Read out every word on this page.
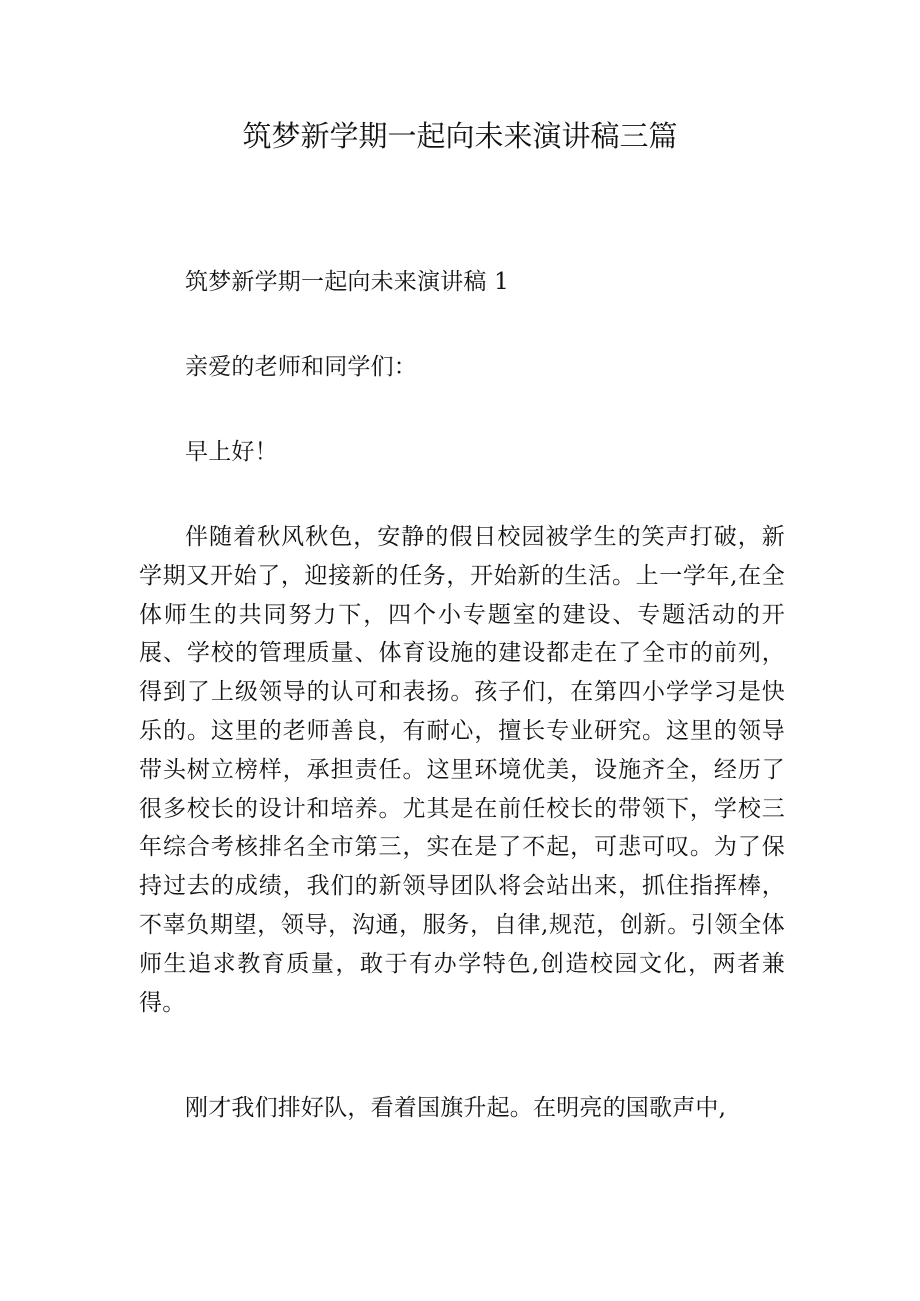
筑梦新学期一起向未来演讲稿三篇

筑梦新学期一起向未来演讲稿 1

亲爱的老师和同学们：

早上好！

伴随着秋风秋色，安静的假日校园被学生的笑声打破，新学期又开始了，迎接新的任务，开始新的生活。上一学年,在全体师生的共同努力下，四个小专题室的建设、专题活动的开展、学校的管理质量、体育设施的建设都走在了全市的前列，得到了上级领导的认可和表扬。孩子们，在第四小学学习是快乐的。这里的老师善良，有耐心，擅长专业研究。这里的领导带头树立榜样，承担责任。这里环境优美，设施齐全，经历了很多校长的设计和培养。尤其是在前任校长的带领下，学校三年综合考核排名全市第三，实在是了不起，可悲可叹。为了保持过去的成绩，我们的新领导团队将会站出来，抓住指挥棒，不辜负期望，领导，沟通，服务，自律,规范，创新。引领全体师生追求教育质量，敢于有办学特色,创造校园文化，两者兼得。

刚才我们排好队，看着国旗升起。在明亮的国歌声中,
